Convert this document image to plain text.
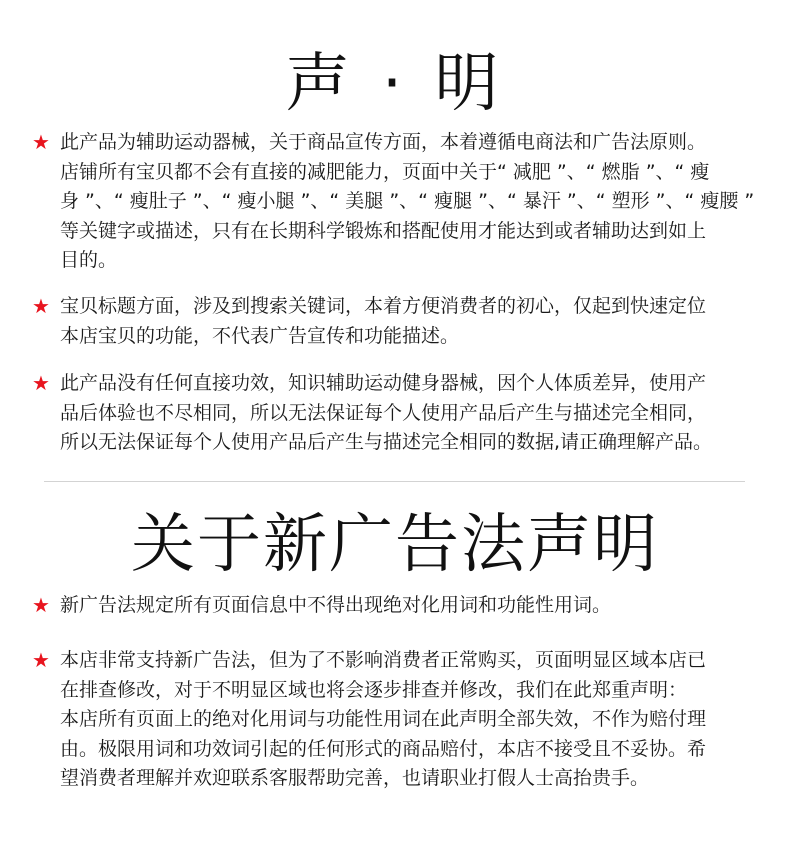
声 · 明
★ 此产品为辅助运动器械，关于商品宣传方面，本着遵循电商法和广告法原则。
店铺所有宝贝都不会有直接的减肥能力，页面中关于“ 减肥 ”、“ 燃脂 ”、“ 瘦
身 ”、“ 瘦肚子 ”、“ 瘦小腿 ”、“ 美腿 ”、“ 瘦腿 ”、“ 暴汗 ”、“ 塑形 ”、“ 瘦腰 ”
等关键字或描述，只有在长期科学锻炼和搭配使用才能达到或者辅助达到如上
目的。
★ 宝贝标题方面，涉及到搜索关键词，本着方便消费者的初心，仅起到快速定位
本店宝贝的功能，不代表广告宣传和功能描述。
★ 此产品没有任何直接功效，知识辅助运动健身器械，因个人体质差异，使用产
品后体验也不尽相同，所以无法保证每个人使用产品后产生与描述完全相同，
所以无法保证每个人使用产品后产生与描述完全相同的数据,请正确理解产品。
关于新广告法声明
★ 新广告法规定所有页面信息中不得出现绝对化用词和功能性用词。
★ 本店非常支持新广告法，但为了不影响消费者正常购买，页面明显区域本店已
在排查修改，对于不明显区域也将会逐步排查并修改，我们在此郑重声明：
本店所有页面上的绝对化用词与功能性用词在此声明全部失效，不作为赔付理
由。极限用词和功效词引起的任何形式的商品赔付，本店不接受且不妥协。希
望消费者理解并欢迎联系客服帮助完善，也请职业打假人士高抬贵手。
